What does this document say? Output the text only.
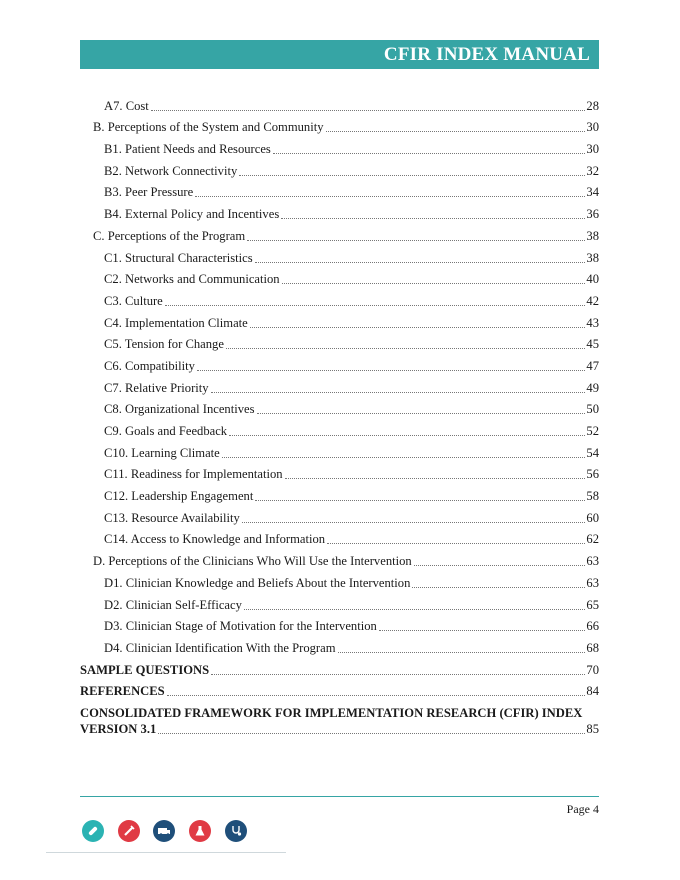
CFIR INDEX MANUAL
A7. Cost	28
B. Perceptions of the System and Community	30
B1. Patient Needs and Resources	30
B2. Network Connectivity	32
B3. Peer Pressure	34
B4. External Policy and Incentives	36
C. Perceptions of the Program	38
C1. Structural Characteristics	38
C2. Networks and Communication	40
C3. Culture	42
C4. Implementation Climate	43
C5. Tension for Change	45
C6. Compatibility	47
C7. Relative Priority	49
C8. Organizational Incentives	50
C9. Goals and Feedback	52
C10. Learning Climate	54
C11. Readiness for Implementation	56
C12. Leadership Engagement	58
C13. Resource Availability	60
C14. Access to Knowledge and Information	62
D. Perceptions of the Clinicians Who Will Use the Intervention	63
D1. Clinician Knowledge and Beliefs About the Intervention	63
D2. Clinician Self-Efficacy	65
D3. Clinician Stage of Motivation for the Intervention	66
D4. Clinician Identification With the Program	68
SAMPLE QUESTIONS	70
REFERENCES	84
CONSOLIDATED FRAMEWORK FOR IMPLEMENTATION RESEARCH (CFIR) INDEX
VERSION 3.1	85
Page 4
